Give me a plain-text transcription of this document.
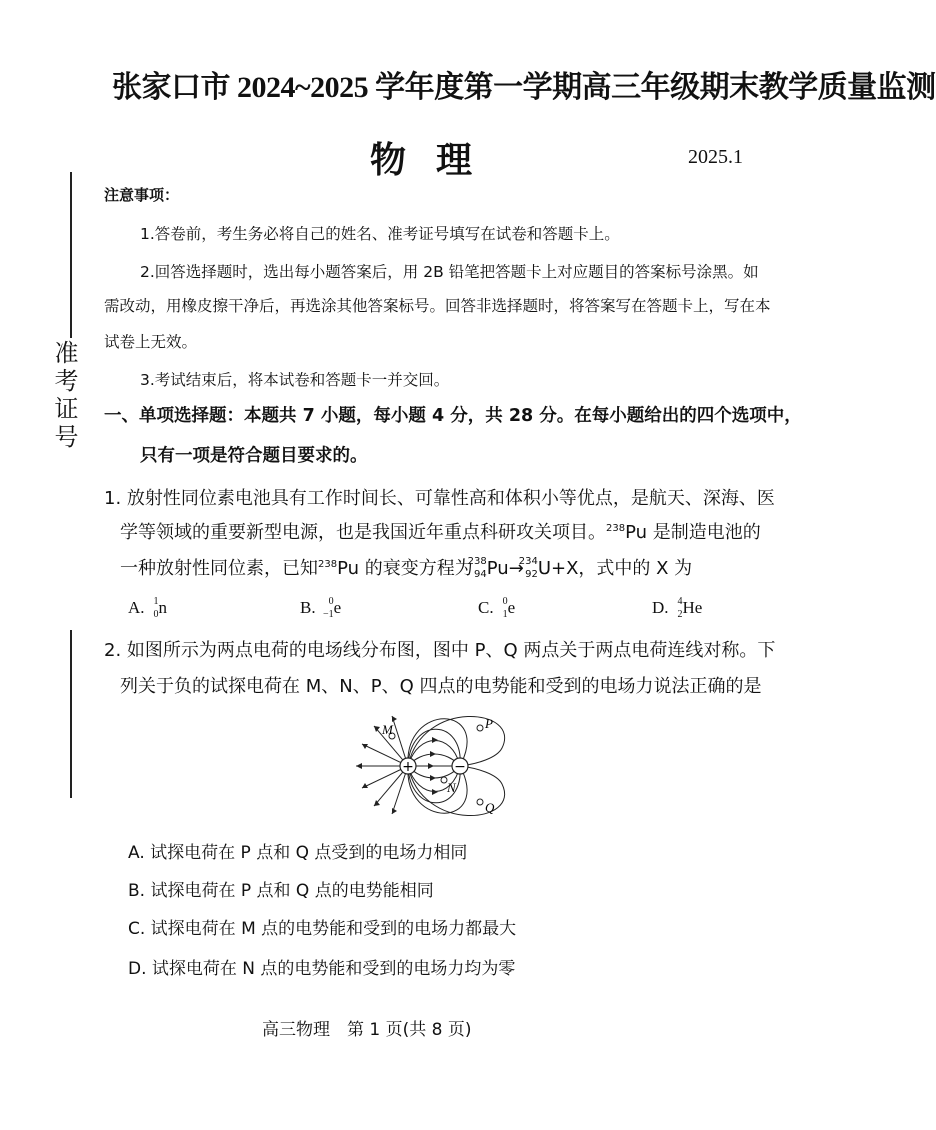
张家口市 2024~2025 学年度第一学期高三年级期末教学质量监测
物理	2025.1
准考证号
注意事项：
1.答卷前，考生务必将自己的姓名、准考证号填写在试卷和答题卡上。
2.回答选择题时，选出每小题答案后，用 2B 铅笔把答题卡上对应题目的答案标号涂黑。如
需改动，用橡皮擦干净后，再选涂其他答案标号。回答非选择题时，将答案写在答题卡上，写在本
试卷上无效。
3.考试结束后，将本试卷和答题卡一并交回。
一、单项选择题：本题共 7 小题，每小题 4 分，共 28 分。在每小题给出的四个选项中，
只有一项是符合题目要求的。
1. 放射性同位素电池具有工作时间长、可靠性高和体积小等优点，是航天、深海、医
学等领域的重要新型电源，也是我国近年重点科研攻关项目。$^{238}$Pu 是制造电池的
一种放射性同位素，已知$^{238}$Pu 的衰变方程为
238
94 Pu→
234
92 U+X，式中的 X 为
A. 1
0 n	B. 0
−1 e	C. 0
1 e	D. 4
2 He
2. 如图所示为两点电荷的电场线分布图，图中 P、Q 两点关于两点电荷连线对称。下
列关于负的试探电荷在 M、N、P、Q 四点的电势能和受到的电场力说法正确的是
+	−
M
N
P
Q
A. 试探电荷在 P 点和 Q 点受到的电场力相同
B. 试探电荷在 P 点和 Q 点的电势能相同
C. 试探电荷在 M 点的电势能和受到的电场力都最大
D. 试探电荷在 N 点的电势能和受到的电场力均为零
高三物理　第 1 页(共 8 页)
